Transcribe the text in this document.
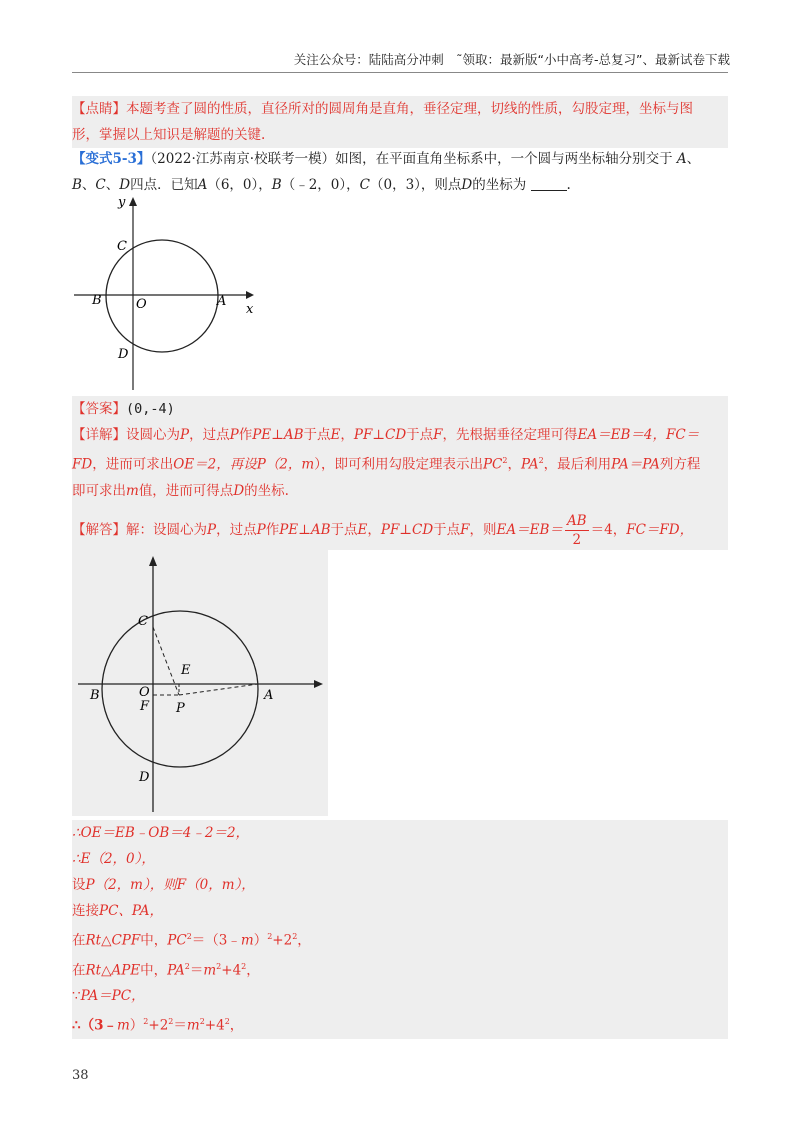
关注公众号：陆陆高分冲刺　˜领取：最新版“小中高考-总复习”、最新试卷下载
【点睛】本题考查了圆的性质，直径所对的圆周角是直角，垂径定理，切线的性质，勾股定理，坐标与图
形，掌握以上知识是解题的关键.
【变式5-3】（2022·江苏南京·校联考一模）如图，在平面直角坐标系中，一个圆与两坐标轴分别交于 A、
B、C、D四点．已知A（6，0），B（﹣2，0），C（0，3），则点D的坐标为	.
y
x
C
B	O	A
D
【答案】(0,-4)
【详解】设圆心为P，过点P作PE⊥AB于点E，PF⊥CD于点F，先根据垂径定理可得EA＝EB＝4，FC＝
FD，进而可求出OE＝2，再设P（2，m），即可利用勾股定理表示出$PC^2$，$PA^2$，最后利用PA＝PA列方程
即可求出m值，进而可得点D的坐标.
【解答】解：设圆心为P，过点P作PE⊥AB于点E，PF⊥CD于点F，则$EA=EB= \frac{AB}{2} =4$，FC＝FD，
C
E
B	O
F P
A
D
∴OE＝EB﹣OB＝4﹣2＝2，
∴E（2，0），
设P（2，m），则F（0，m），
连接PC、PA，
在Rt△CPF中，$PC^2=(3﹣m)^2+2^2$，
在Rt△APE中，$PA^2=m^2+4^2$，
∵PA＝PC，
$\therefore(3﹣m)^2+2^2=m^2+4^2$，
38
